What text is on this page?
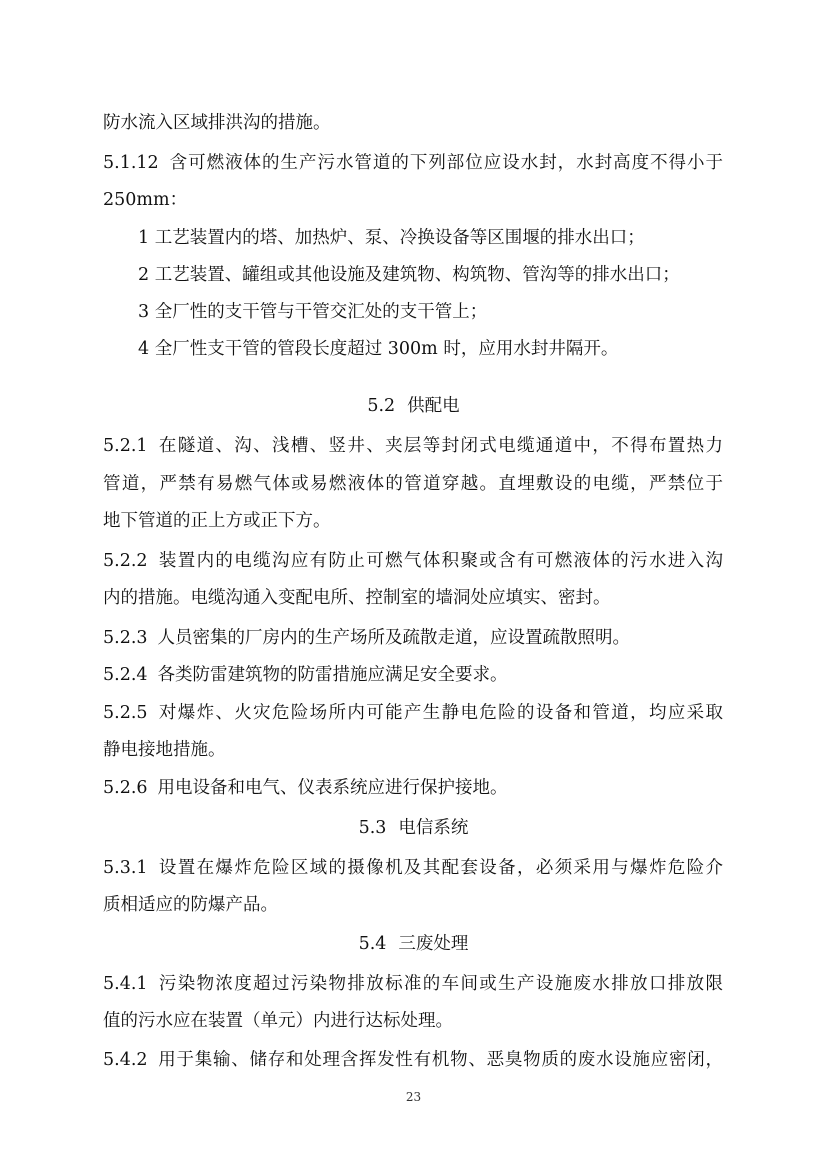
防水流入区域排洪沟的措施。
5.1.12 含可燃液体的生产污水管道的下列部位应设水封，水封高度不得小于
250mm：
1 工艺装置内的塔、加热炉、泵、冷换设备等区围堰的排水出口；
2 工艺装置、罐组或其他设施及建筑物、构筑物、管沟等的排水出口；
3 全厂性的支干管与干管交汇处的支干管上；
4 全厂性支干管的管段长度超过 300m 时，应用水封井隔开。
5.2 供配电
5.2.1 在隧道、沟、浅槽、竖井、夹层等封闭式电缆通道中，不得布置热力
管道，严禁有易燃气体或易燃液体的管道穿越。直埋敷设的电缆，严禁位于
地下管道的正上方或正下方。
5.2.2 装置内的电缆沟应有防止可燃气体积聚或含有可燃液体的污水进入沟
内的措施。电缆沟通入变配电所、控制室的墙洞处应填实、密封。
5.2.3 人员密集的厂房内的生产场所及疏散走道，应设置疏散照明。
5.2.4 各类防雷建筑物的防雷措施应满足安全要求。
5.2.5 对爆炸、火灾危险场所内可能产生静电危险的设备和管道，均应采取
静电接地措施。
5.2.6 用电设备和电气、仪表系统应进行保护接地。
5.3 电信系统
5.3.1 设置在爆炸危险区域的摄像机及其配套设备，必须采用与爆炸危险介
质相适应的防爆产品。
5.4 三废处理
5.4.1 污染物浓度超过污染物排放标准的车间或生产设施废水排放口排放限
值的污水应在装置（单元）内进行达标处理。
5.4.2 用于集输、储存和处理含挥发性有机物、恶臭物质的废水设施应密闭，
23
